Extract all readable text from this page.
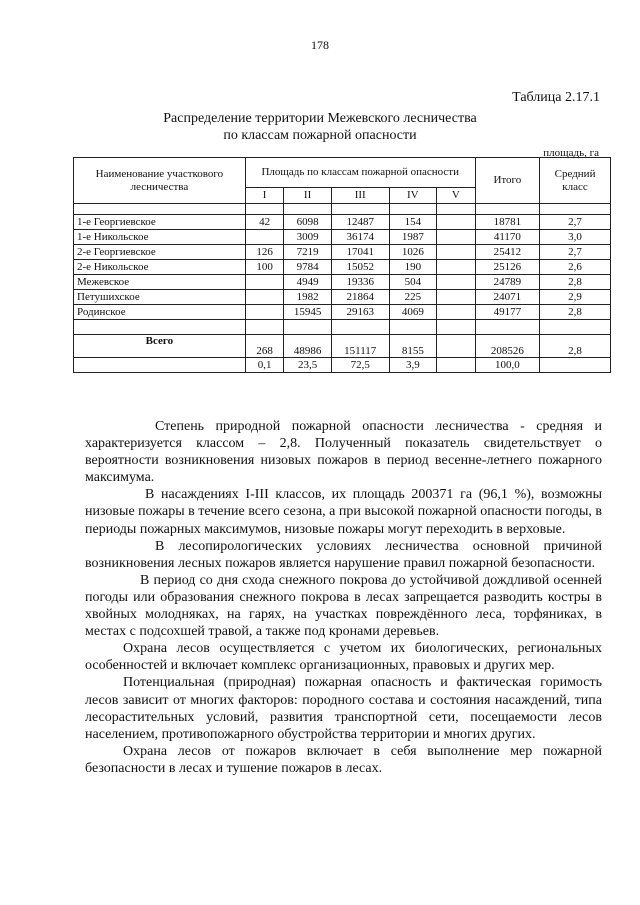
178
Таблица 2.17.1
Распределение территории Межевского лесничества
по классам пожарной опасности
площадь, га
Наименование участкового лесничества	Площадь по классам пожарной опасности					Итого	Средний класс
	I	II	III	IV	V		

1-е Георгиевское	42	6098	12487	154		18781	2,7
1-е Никольское		3009	36174	1987		41170	3,0
2-е Георгиевское	126	7219	17041	1026		25412	2,7
2-е Никольское	100	9784	15052	190		25126	2,6
Межевское		4949	19336	504		24789	2,8
Петушихское		1982	21864	225		24071	2,9
Родинское		15945	29163	4069		49177	2,8

Всего	268	48986	151117	8155		208526	2,8
	0,1	23,5	72,5	3,9		100,0	

Степень природной пожарной опасности лесничества - средняя и характеризуется классом – 2,8. Полученный показатель свидетельствует о вероятности возникновения низовых пожаров в период весенне-летнего пожарного максимума.

В насаждениях I-III классов, их площадь 200371 га (96,1 %), возможны низовые пожары в течение всего сезона, а при высокой пожарной опасности погоды, в периоды пожарных максимумов, низовые пожары могут переходить в верховые.

В лесопирологических условиях лесничества основной причиной возникновения лесных пожаров является нарушение правил пожарной безопасности.

В период со дня схода снежного покрова до устойчивой дождливой осенней погоды или образования снежного покрова в лесах запрещается разводить костры в хвойных молодняках, на гарях, на участках повреждённого леса, торфяниках, в местах с подсохшей травой, а также под кронами деревьев.

Охрана лесов осуществляется с учетом их биологических, региональных особенностей и включает комплекс организационных, правовых и других мер.

Потенциальная (природная) пожарная опасность и фактическая горимость лесов зависит от многих факторов: породного состава и состояния насаждений, типа лесорастительных условий, развития транспортной сети, посещаемости лесов населением, противопожарного обустройства территории и многих других.

Охрана лесов от пожаров включает в себя выполнение мер пожарной безопасности в лесах и тушение пожаров в лесах.
